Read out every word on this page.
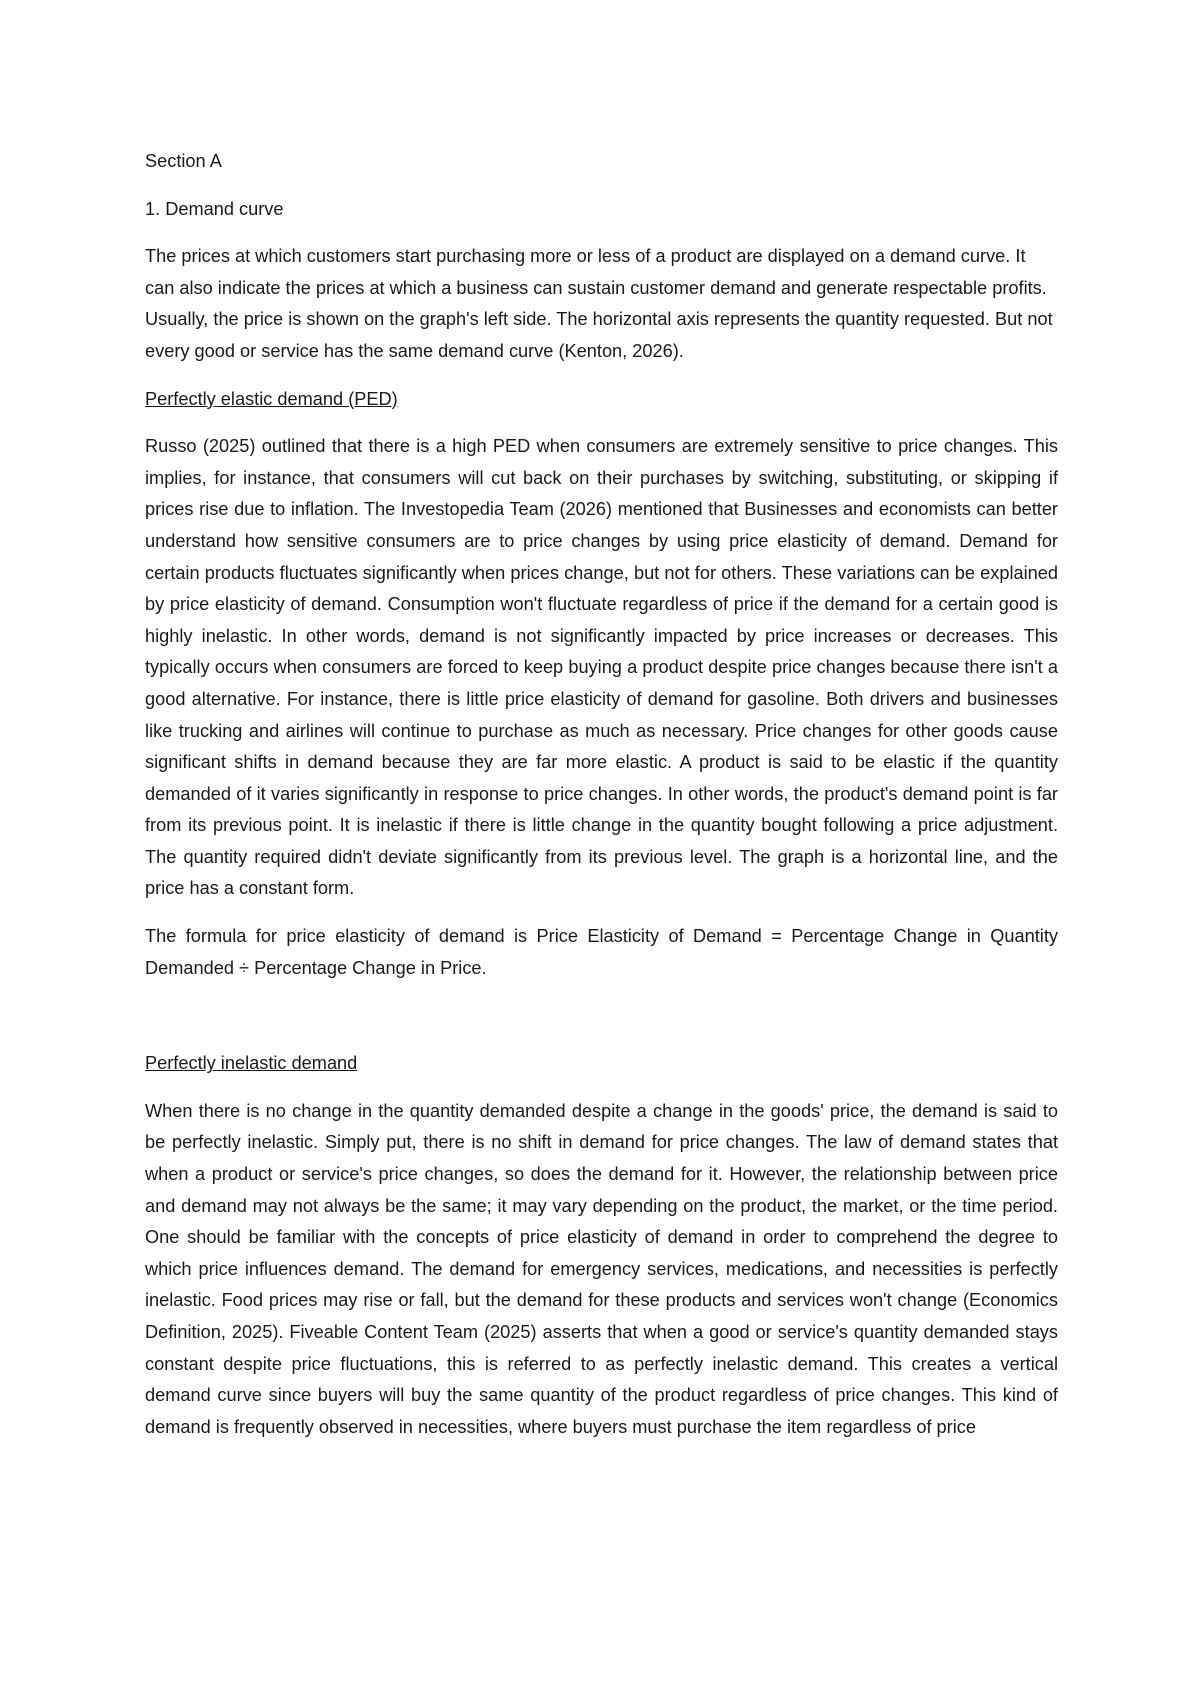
Section A

1. Demand curve

The prices at which customers start purchasing more or less of a product are displayed on a demand curve. It can also indicate the prices at which a business can sustain customer demand and generate respectable profits. Usually, the price is shown on the graph's left side. The horizontal axis represents the quantity requested. But not every good or service has the same demand curve (Kenton, 2026).

Perfectly elastic demand (PED)

Russo (2025) outlined that there is a high PED when consumers are extremely sensitive to price changes. This implies, for instance, that consumers will cut back on their purchases by switching, substituting, or skipping if prices rise due to inflation. The Investopedia Team (2026) mentioned that Businesses and economists can better understand how sensitive consumers are to price changes by using price elasticity of demand. Demand for certain products fluctuates significantly when prices change, but not for others. These variations can be explained by price elasticity of demand. Consumption won't fluctuate regardless of price if the demand for a certain good is highly inelastic. In other words, demand is not significantly impacted by price increases or decreases. This typically occurs when consumers are forced to keep buying a product despite price changes because there isn't a good alternative. For instance, there is little price elasticity of demand for gasoline. Both drivers and businesses like trucking and airlines will continue to purchase as much as necessary. Price changes for other goods cause significant shifts in demand because they are far more elastic. A product is said to be elastic if the quantity demanded of it varies significantly in response to price changes. In other words, the product's demand point is far from its previous point. It is inelastic if there is little change in the quantity bought following a price adjustment. The quantity required didn't deviate significantly from its previous level. The graph is a horizontal line, and the price has a constant form.

The formula for price elasticity of demand is Price Elasticity of Demand = Percentage Change in Quantity Demanded ÷ Percentage Change in Price.

Perfectly inelastic demand

When there is no change in the quantity demanded despite a change in the goods' price, the demand is said to be perfectly inelastic. Simply put, there is no shift in demand for price changes. The law of demand states that when a product or service's price changes, so does the demand for it. However, the relationship between price and demand may not always be the same; it may vary depending on the product, the market, or the time period. One should be familiar with the concepts of price elasticity of demand in order to comprehend the degree to which price influences demand. The demand for emergency services, medications, and necessities is perfectly inelastic. Food prices may rise or fall, but the demand for these products and services won't change (Economics Definition, 2025). Fiveable Content Team (2025) asserts that when a good or service's quantity demanded stays constant despite price fluctuations, this is referred to as perfectly inelastic demand. This creates a vertical demand curve since buyers will buy the same quantity of the product regardless of price changes. This kind of demand is frequently observed in necessities, where buyers must purchase the item regardless of price
